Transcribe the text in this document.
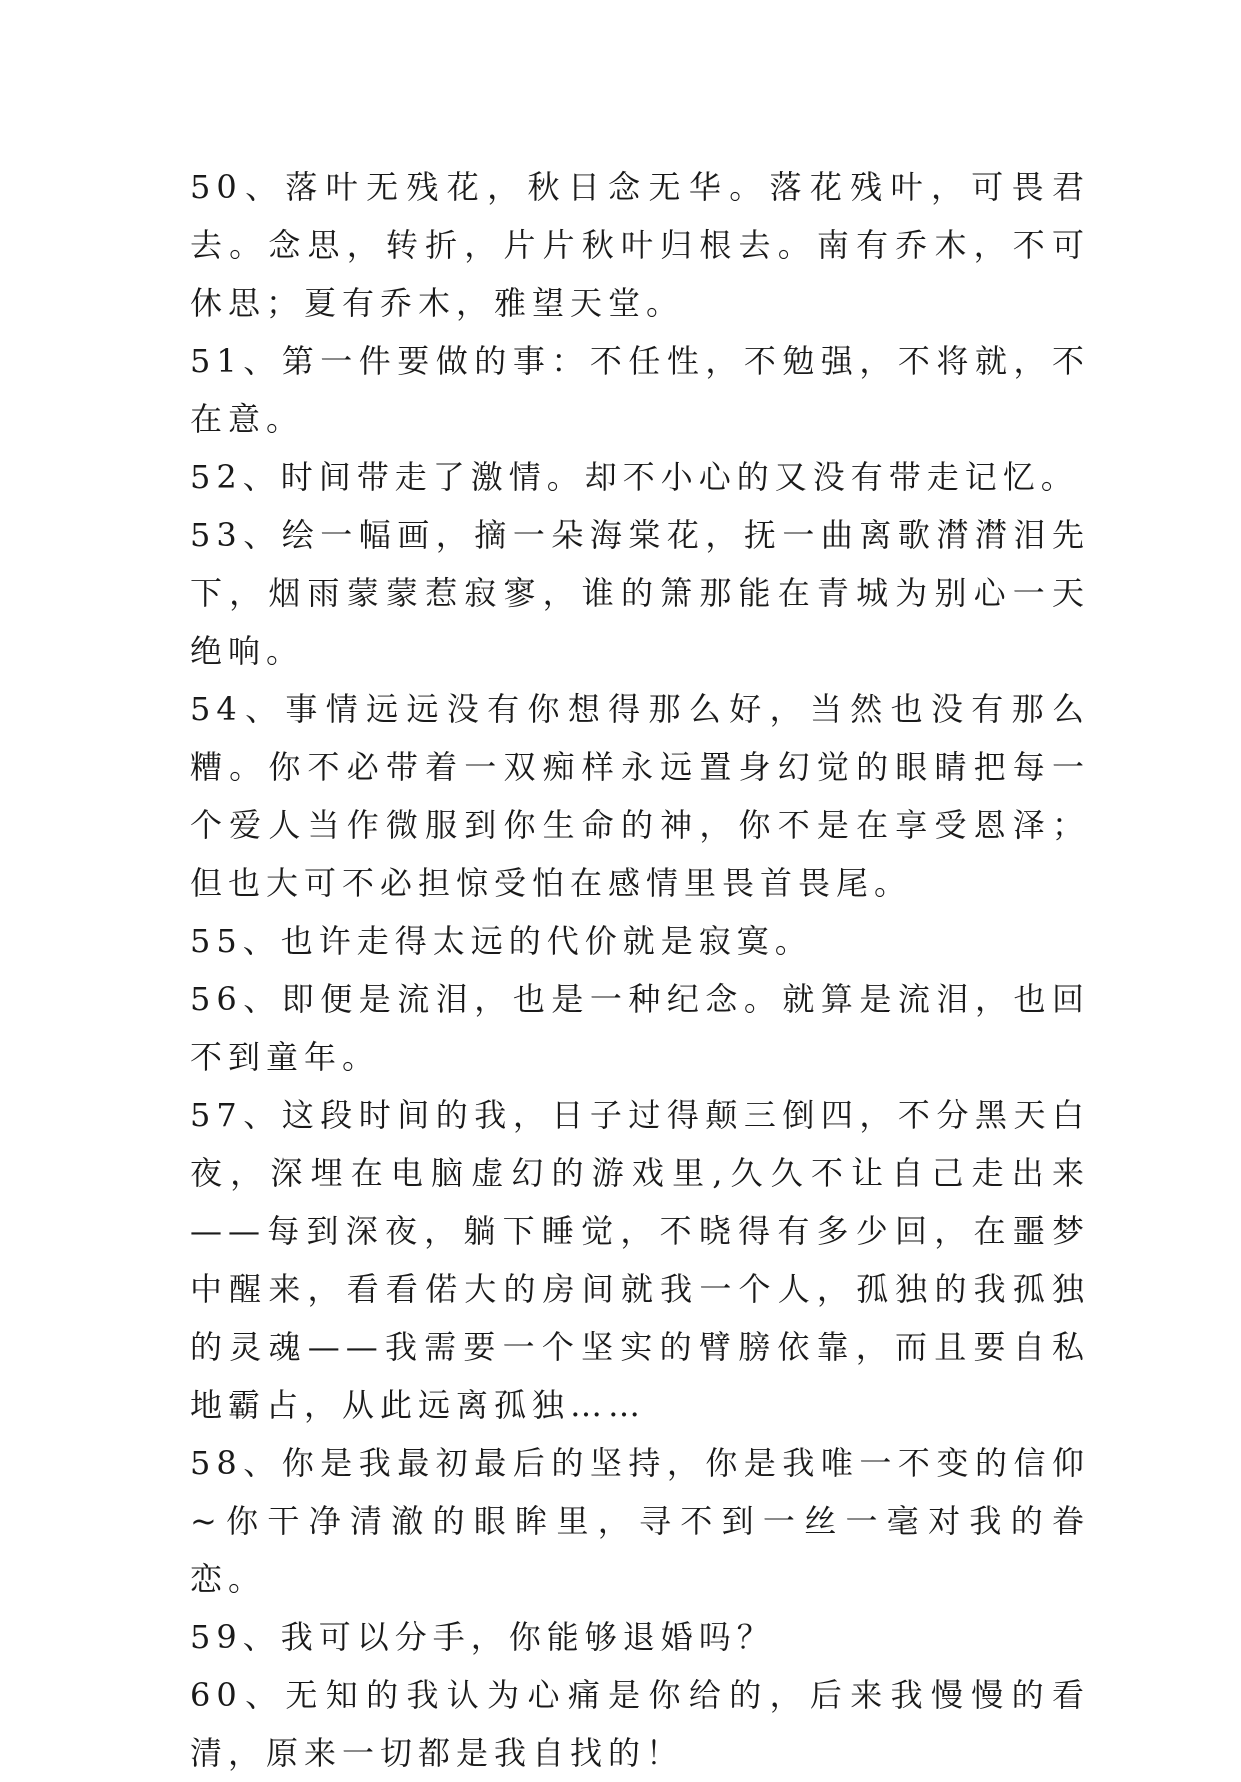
50、落叶无残花，秋日念无华。落花残叶，可畏君去。念思，转折，片片秋叶归根去。南有乔木，不可休思；夏有乔木，雅望天堂。

51、第一件要做的事：不任性，不勉强，不将就，不在意。

52、时间带走了激情。却不小心的又没有带走记忆。

53、绘一幅画，摘一朵海棠花，抚一曲离歌潸潸泪先下，烟雨蒙蒙惹寂寥，谁的箫那能在青城为别心一天绝响。

54、事情远远没有你想得那么好，当然也没有那么糟。你不必带着一双痴样永远置身幻觉的眼睛把每一个爱人当作微服到你生命的神，你不是在享受恩泽；但也大可不必担惊受怕在感情里畏首畏尾。

55、也许走得太远的代价就是寂寞。

56、即便是流泪，也是一种纪念。就算是流泪，也回不到童年。

57、这段时间的我，日子过得颠三倒四，不分黑天白夜，深埋在电脑虚幻的游戏里,久久不让自己走出来——每到深夜，躺下睡觉，不晓得有多少回，在噩梦中醒来，看看偌大的房间就我一个人，孤独的我孤独的灵魂——我需要一个坚实的臂膀依靠，而且要自私地霸占，从此远离孤独……

58、你是我最初最后的坚持，你是我唯一不变的信仰~你干净清澈的眼眸里，寻不到一丝一毫对我的眷恋。

59、我可以分手，你能够退婚吗？

60、无知的我认为心痛是你给的，后来我慢慢的看清，原来一切都是我自找的！
